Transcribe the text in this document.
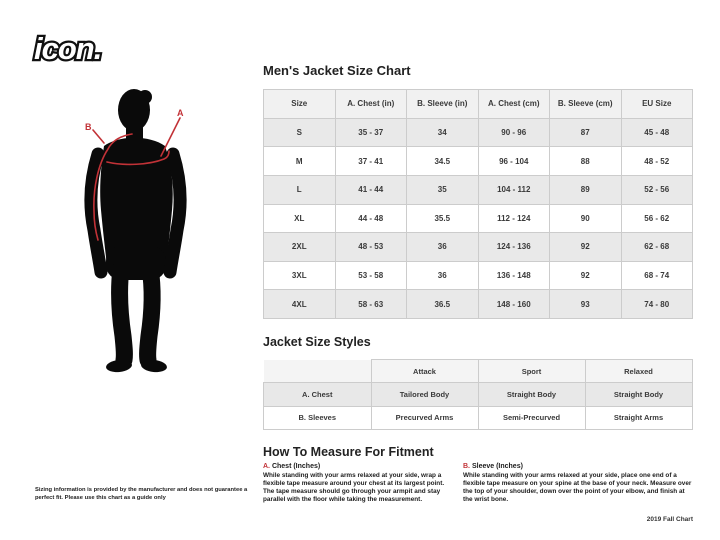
icon.
B
A
Men's Jacket Size Chart
Size	A. Chest (in)	B. Sleeve (in)	A. Chest (cm)	B. Sleeve (cm)	EU Size
S	35 - 37	34	90 - 96	87	45 - 48
M	37 - 41	34.5	96 - 104	88	48 - 52
L	41 - 44	35	104 - 112	89	52 - 56
XL	44 - 48	35.5	112 - 124	90	56 - 62
2XL	48 - 53	36	124 - 136	92	62 - 68
3XL	53 - 58	36	136 - 148	92	68 - 74
4XL	58 - 63	36.5	148 - 160	93	74 - 80
Jacket Size Styles
	Attack	Sport	Relaxed
A. Chest	Tailored Body	Straight Body	Straight Body
B. Sleeves	Precurved Arms	Semi-Precurved	Straight Arms
How To Measure For Fitment
A. Chest (Inches)
While standing with your arms relaxed at your side, wrap a flexible tape measure around your chest at its largest point. The tape measure should go through your armpit and stay parallel with the floor while taking the measurement.
B. Sleeve (Inches)
While standing with your arms relaxed at your side, place one end of a flexible tape measure on your spine at the base of your neck. Measure over the top of your shoulder, down over the point of your elbow, and finish at the wrist bone.
Sizing information is provided by the manufacturer and does not guarantee a perfect fit. Please use this chart as a guide only
2019 Fall Chart
